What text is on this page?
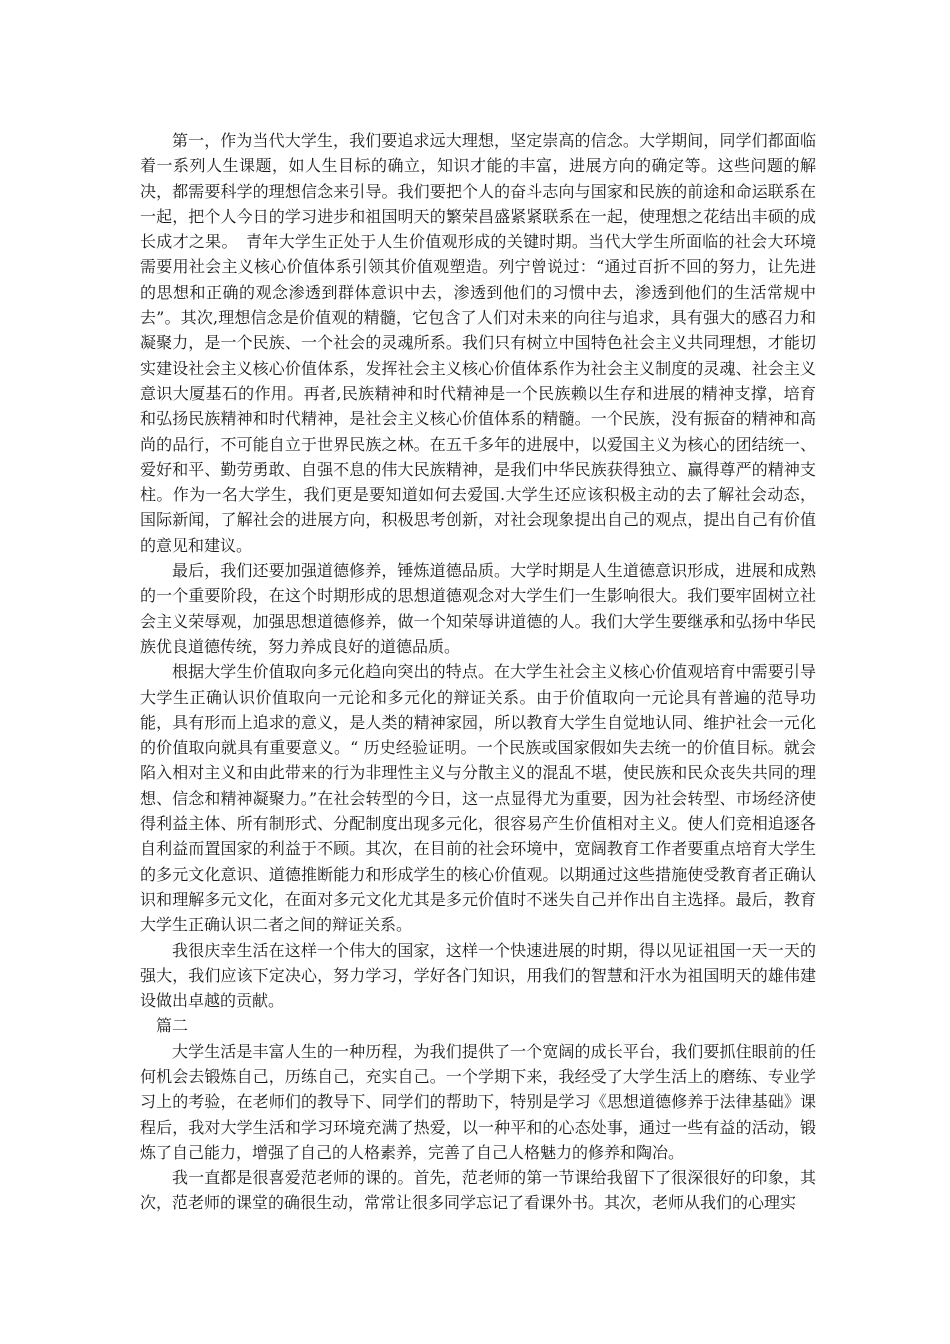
第一，作为当代大学生，我们要追求远大理想，坚定崇高的信念。大学期间，同学们都面临着一系列人生课题，如人生目标的确立，知识才能的丰富，进展方向的确定等。这些问题的解决，都需要科学的理想信念来引导。我们要把个人的奋斗志向与国家和民族的前途和命运联系在一起，把个人今日的学习进步和祖国明天的繁荣昌盛紧紧联系在一起，使理想之花结出丰硕的成长成才之果。　青年大学生正处于人生价值观形成的关键时期。当代大学生所面临的社会大环境需要用社会主义核心价值体系引领其价值观塑造。列宁曾说过：“通过百折不回的努力，让先进的思想和正确的观念渗透到群体意识中去，渗透到他们的习惯中去，渗透到他们的生活常规中去”。其次,理想信念是价值观的精髓，它包含了人们对未来的向往与追求，具有强大的感召力和凝聚力，是一个民族、一个社会的灵魂所系。我们只有树立中国特色社会主义共同理想，才能切实建设社会主义核心价值体系，发挥社会主义核心价值体系作为社会主义制度的灵魂、社会主义意识大厦基石的作用。再者,民族精神和时代精神是一个民族赖以生存和进展的精神支撑，培育和弘扬民族精神和时代精神，是社会主义核心价值体系的精髓。一个民族，没有振奋的精神和高尚的品行，不可能自立于世界民族之林。在五千多年的进展中，以爱国主义为核心的团结统一、爱好和平、勤劳勇敢、自强不息的伟大民族精神，是我们中华民族获得独立、赢得尊严的精神支柱。作为一名大学生，我们更是要知道如何去爱国.大学生还应该积极主动的去了解社会动态，国际新闻，了解社会的进展方向，积极思考创新，对社会现象提出自己的观点，提出自己有价值的意见和建议。

最后，我们还要加强道德修养，锤炼道德品质。大学时期是人生道德意识形成，进展和成熟的一个重要阶段，在这个时期形成的思想道德观念对大学生们一生影响很大。我们要牢固树立社会主义荣辱观，加强思想道德修养，做一个知荣辱讲道德的人。我们大学生要继承和弘扬中华民族优良道德传统，努力养成良好的道德品质。

根据大学生价值取向多元化趋向突出的特点。在大学生社会主义核心价值观培育中需要引导大学生正确认识价值取向一元论和多元化的辩证关系。由于价值取向一元论具有普遍的范导功能，具有形而上追求的意义，是人类的精神家园，所以教育大学生自觉地认同、维护社会一元化的价值取向就具有重要意义。“ 历史经验证明。一个民族或国家假如失去统一的价值目标。就会陷入相对主义和由此带来的行为非理性主义与分散主义的混乱不堪，使民族和民众丧失共同的理想、信念和精神凝聚力。”在社会转型的今日，这一点显得尤为重要，因为社会转型、市场经济使得利益主体、所有制形式、分配制度出现多元化，很容易产生价值相对主义。使人们竞相追逐各自利益而置国家的利益于不顾。其次，在目前的社会环境中，宽阔教育工作者要重点培育大学生的多元文化意识、道德推断能力和形成学生的核心价值观。以期通过这些措施使受教育者正确认识和理解多元文化，在面对多元文化尤其是多元价值时不迷失自己并作出自主选择。最后，教育大学生正确认识二者之间的辩证关系。

我很庆幸生活在这样一个伟大的国家，这样一个快速进展的时期，得以见证祖国一天一天的强大，我们应该下定决心，努力学习，学好各门知识，用我们的智慧和汗水为祖国明天的雄伟建设做出卓越的贡献。

篇二

大学生活是丰富人生的一种历程，为我们提供了一个宽阔的成长平台，我们要抓住眼前的任何机会去锻炼自己，历练自己，充实自己。一个学期下来，我经受了大学生活上的磨练、专业学习上的考验，在老师们的教导下、同学们的帮助下，特别是学习《思想道德修养于法律基础》课程后，我对大学生活和学习环境充满了热爱，以一种平和的心态处事，通过一些有益的活动，锻炼了自己能力，增强了自己的人格素养，完善了自己人格魅力的修养和陶冶。

我一直都是很喜爱范老师的课的。首先，范老师的第一节课给我留下了很深很好的印象，其次，范老师的课堂的确很生动，常常让很多同学忘记了看课外书。其次，老师从我们的心理实
